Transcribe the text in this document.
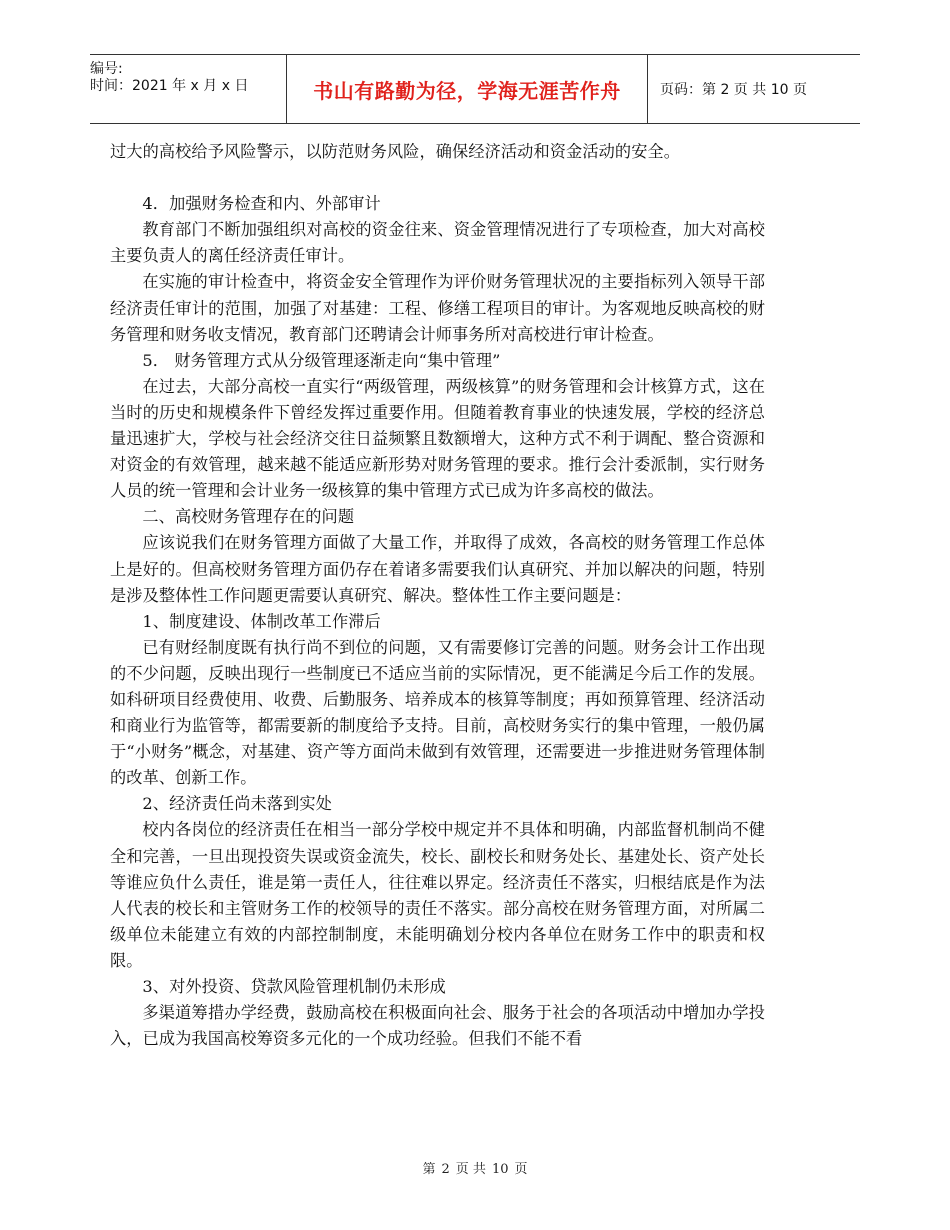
编号:
时间：2021 年 x 月 x 日	书山有路勤为径，学海无涯苦作舟	页码：第 2 页 共 10 页

过大的高校给予风险警示，以防范财务风险，确保经济活动和资金活动的安全。

4．加强财务检查和内、外部审计

教育部门不断加强组织对高校的资金往来、资金管理情况进行了专项检查，加大对高校主要负责人的离任经济责任审计。

在实施的审计检查中，将资金安全管理作为评价财务管理状况的主要指标列入领导干部经济责任审计的范围，加强了对基建：工程、修缮工程项目的审计。为客观地反映高校的财务管理和财务收支情况，教育部门还聘请会计师事务所对高校进行审计检查。

5． 财务管理方式从分级管理逐渐走向“集中管理”

在过去，大部分高校一直实行“两级管理，两级核算”的财务管理和会计核算方式，这在当时的历史和规模条件下曾经发挥过重要作用。但随着教育事业的快速发展，学校的经济总量迅速扩大，学校与社会经济交往日益频繁且数额增大，这种方式不利于调配、整合资源和对资金的有效管理，越来越不能适应新形势对财务管理的要求。推行会汁委派制，实行财务人员的统一管理和会计业务一级核算的集中管理方式已成为许多高校的做法。

二、高校财务管理存在的问题

应该说我们在财务管理方面做了大量工作，并取得了成效，各高校的财务管理工作总体上是好的。但高校财务管理方面仍存在着诸多需要我们认真研究、并加以解决的问题，特别是涉及整体性工作问题更需要认真研究、解决。整体性工作主要问题是：

1、制度建设、体制改革工作滞后

已有财经制度既有执行尚不到位的问题，又有需要修订完善的问题。财务会计工作出现的不少问题，反映出现行一些制度已不适应当前的实际情况，更不能满足今后工作的发展。如科研项目经费使用、收费、后勤服务、培养成本的核算等制度；再如预算管理、经济活动和商业行为监管等，都需要新的制度给予支持。目前，高校财务实行的集中管理，一般仍属于“小财务”概念，对基建、资产等方面尚未做到有效管理，还需要进一步推进财务管理体制的改革、创新工作。

2、经济责任尚未落到实处

校内各岗位的经济责任在相当一部分学校中规定并不具体和明确，内部监督机制尚不健全和完善，一旦出现投资失误或资金流失，校长、副校长和财务处长、基建处长、资产处长等谁应负什么责任，谁是第一责任人，往往难以界定。经济责任不落实，归根结底是作为法人代表的校长和主管财务工作的校领导的责任不落实。部分高校在财务管理方面，对所属二级单位未能建立有效的内部控制制度，未能明确划分校内各单位在财务工作中的职责和权限。

3、对外投资、贷款风险管理机制仍未形成

多渠道筹措办学经费，鼓励高校在积极面向社会、服务于社会的各项活动中增加办学投入，已成为我国高校筹资多元化的一个成功经验。但我们不能不看

第 2 页 共 10 页
